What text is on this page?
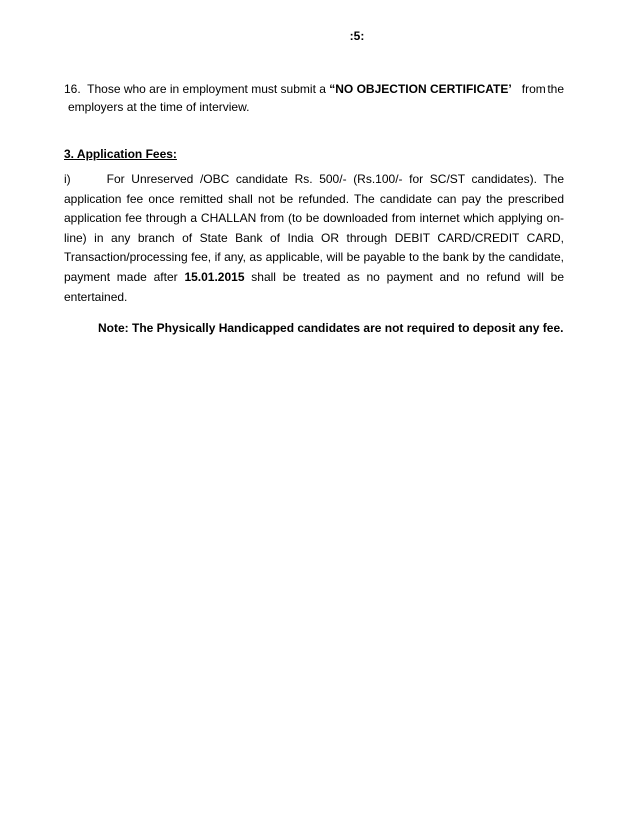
:5:
16. Those who are in employment must submit a “NO OBJECTION CERTIFICATE’ from the
employers at the time of interview.
3. Application Fees:
i)	For Unreserved /OBC candidate Rs. 500/- (Rs.100/- for SC/ST candidates). The
application fee once remitted shall not be refunded. The candidate can pay the prescribed
application fee through a CHALLAN from (to be downloaded from internet which applying on-
line) in any branch of State Bank of India OR through DEBIT CARD/CREDIT CARD,
Transaction/processing fee, if any, as applicable, will be payable to the bank by the candidate,
payment made after 15.01.2015 shall be treated as no payment and no refund will be
entertained.
Note: The Physically Handicapped candidates are not required to deposit any fee.
